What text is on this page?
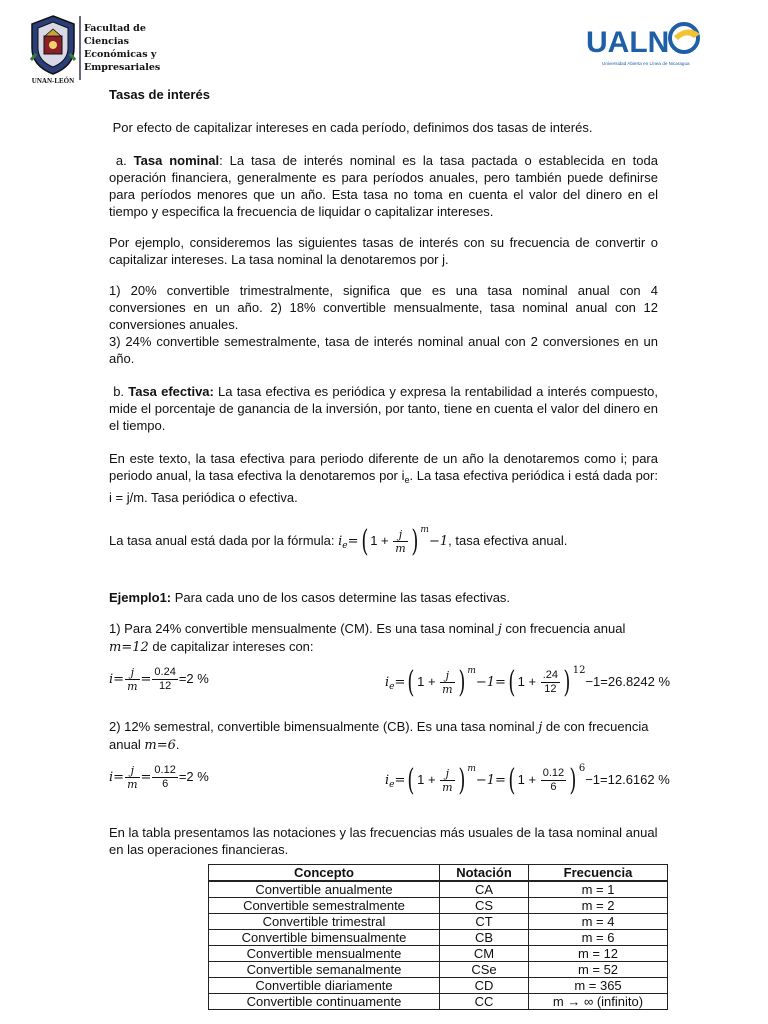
UNAN-LEÓN
Facultad de
Ciencias
Económicas y
Empresariales
UALN
Universidad Abierta en Línea de Nicaragua

Tasas de interés

Por efecto de capitalizar intereses en cada período, definimos dos tasas de interés.

a. Tasa nominal: La tasa de interés nominal es la tasa pactada o establecida en toda operación financiera, generalmente es para períodos anuales, pero también puede definirse para períodos menores que un año. Esta tasa no toma en cuenta el valor del dinero en el tiempo y especifica la frecuencia de liquidar o capitalizar intereses.

Por ejemplo, consideremos las siguientes tasas de interés con su frecuencia de convertir o capitalizar intereses. La tasa nominal la denotaremos por j.

1) 20% convertible trimestralmente, significa que es una tasa nominal anual con 4 conversiones en un año. 2) 18% convertible mensualmente, tasa nominal anual con 12 conversiones anuales.

3) 24% convertible semestralmente, tasa de interés nominal anual con 2 conversiones en un año.

b. Tasa efectiva: La tasa efectiva es periódica y expresa la rentabilidad a interés compuesto, mide el porcentaje de ganancia de la inversión, por tanto, tiene en cuenta el valor del dinero en el tiempo.

En este texto, la tasa efectiva para periodo diferente de un año la denotaremos como i; para periodo anual, la tasa efectiva la denotaremos por $i_e$. La tasa efectiva periódica i está dada por: i = j/m. Tasa periódica o efectiva.

La tasa anual está dada por la fórmula: $i_e=$( $1 + \frac{j}{m}$ ) $^m$−1, tasa efectiva anual.

Ejemplo1: Para cada uno de los casos determine las tasas efectivas.

1) Para 24% convertible mensualmente (CM). Es una tasa nominal j con frecuencia anual m=12 de capitalizar intereses con:

$i= \frac{j}{m} = \frac{0.24}{12} =2$ %	$i_e=$( $1 + \frac{j}{m}$ ) $^m$−1=( $1 + \frac{.24}{12}$ ) $^{12}$−1=26.8242 %

2) 12% semestral, convertible bimensualmente (CB). Es una tasa nominal j de con frecuencia anual m=6.

$i= \frac{j}{m} = \frac{0.12}{6} =2$ %	$i_e=$( $1 + \frac{j}{m}$ ) $^m$−1=( $1 + \frac{0.12}{6}$ ) $^6$−1=12.6162 %

En la tabla presentamos las notaciones y las frecuencias más usuales de la tasa nominal anual en las operaciones financieras.

Concepto	Notación	Frecuencia
Convertible anualmente	CA	m = 1
Convertible semestralmente	CS	m = 2
Convertible trimestral	CT	m = 4
Convertible bimensualmente	CB	m = 6
Convertible mensualmente	CM	m = 12
Convertible semanalmente	CSe	m = 52
Convertible diariamente	CD	m = 365
Convertible continuamente	CC	m → ∞ (infinito)
